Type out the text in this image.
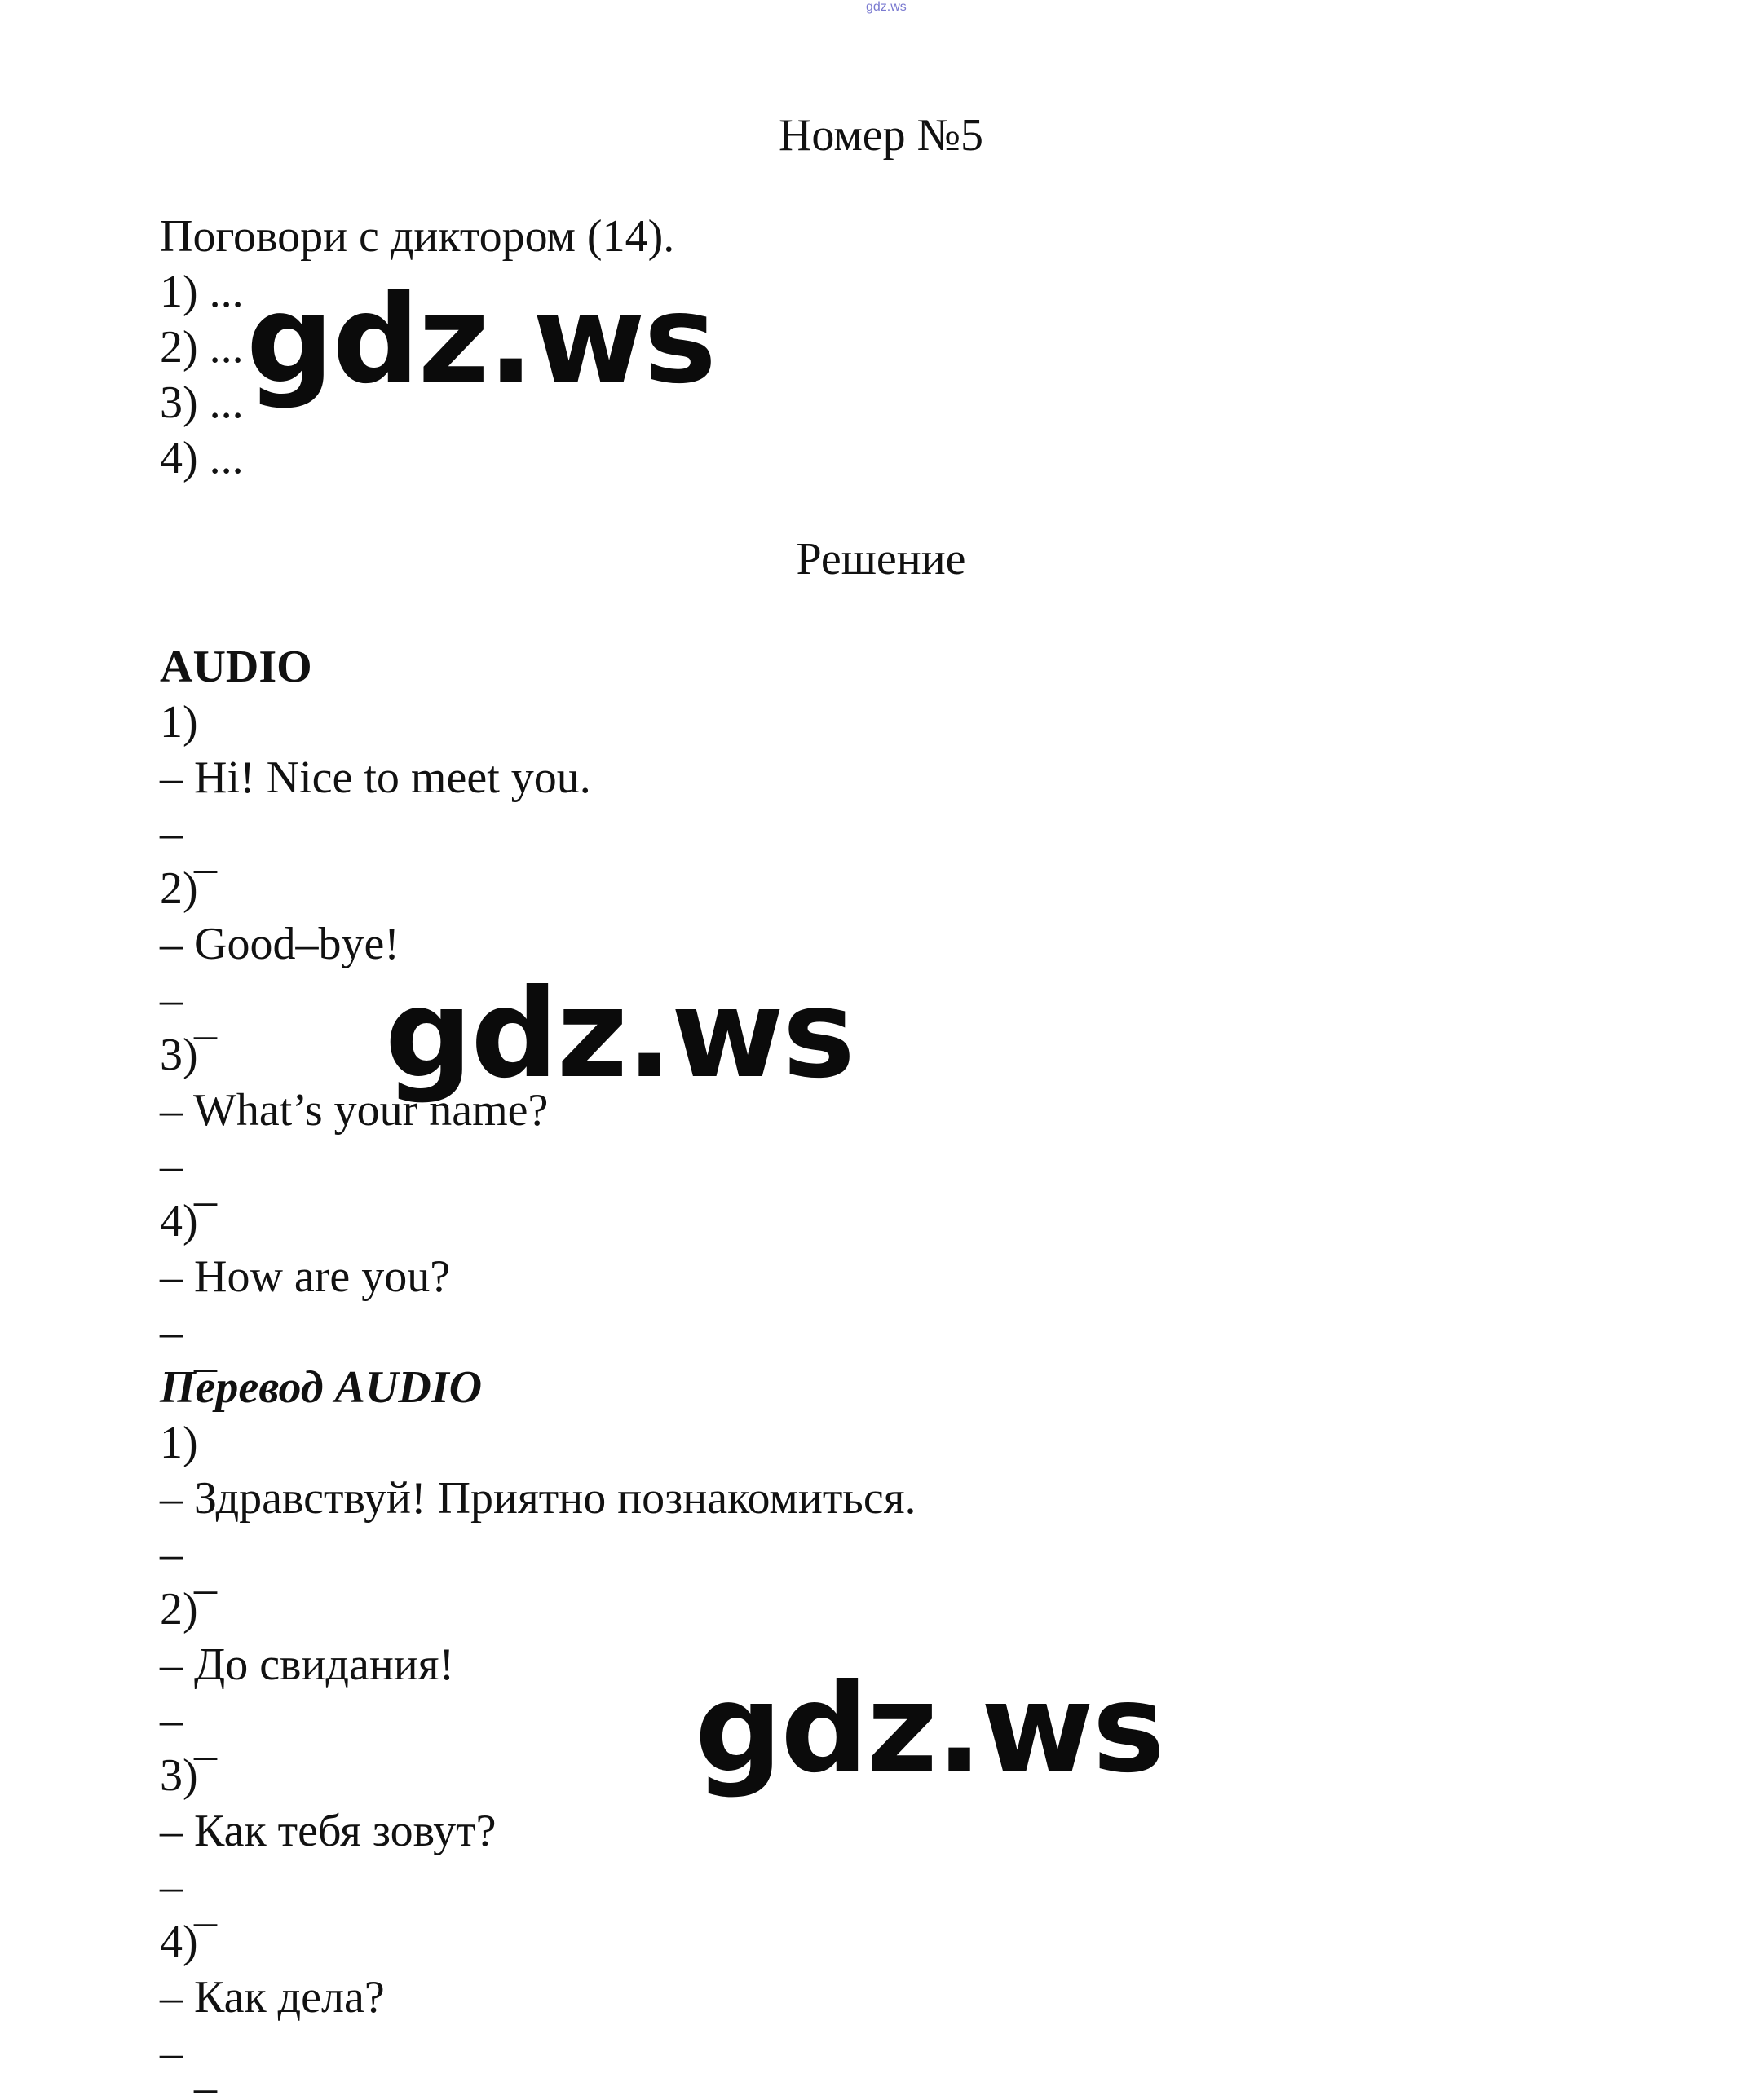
gdz.ws
Номер №5
Поговори с диктором (14).
1) ...
2) ...
3) ...
4) ...
Решение
AUDIO
1)
– Hi! Nice to meet you.
– _
2)
– Good–bye!
– _
3)
– What’s your name?
– _
4)
– How are you?
– _
Перевод AUDIO
1)
– Здравствуй! Приятно познакомиться.
– _
2)
– До свидания!
– _
3)
– Как тебя зовут?
– _
4)
– Как дела?
– _
gdz.ws
gdz.ws
gdz.ws
